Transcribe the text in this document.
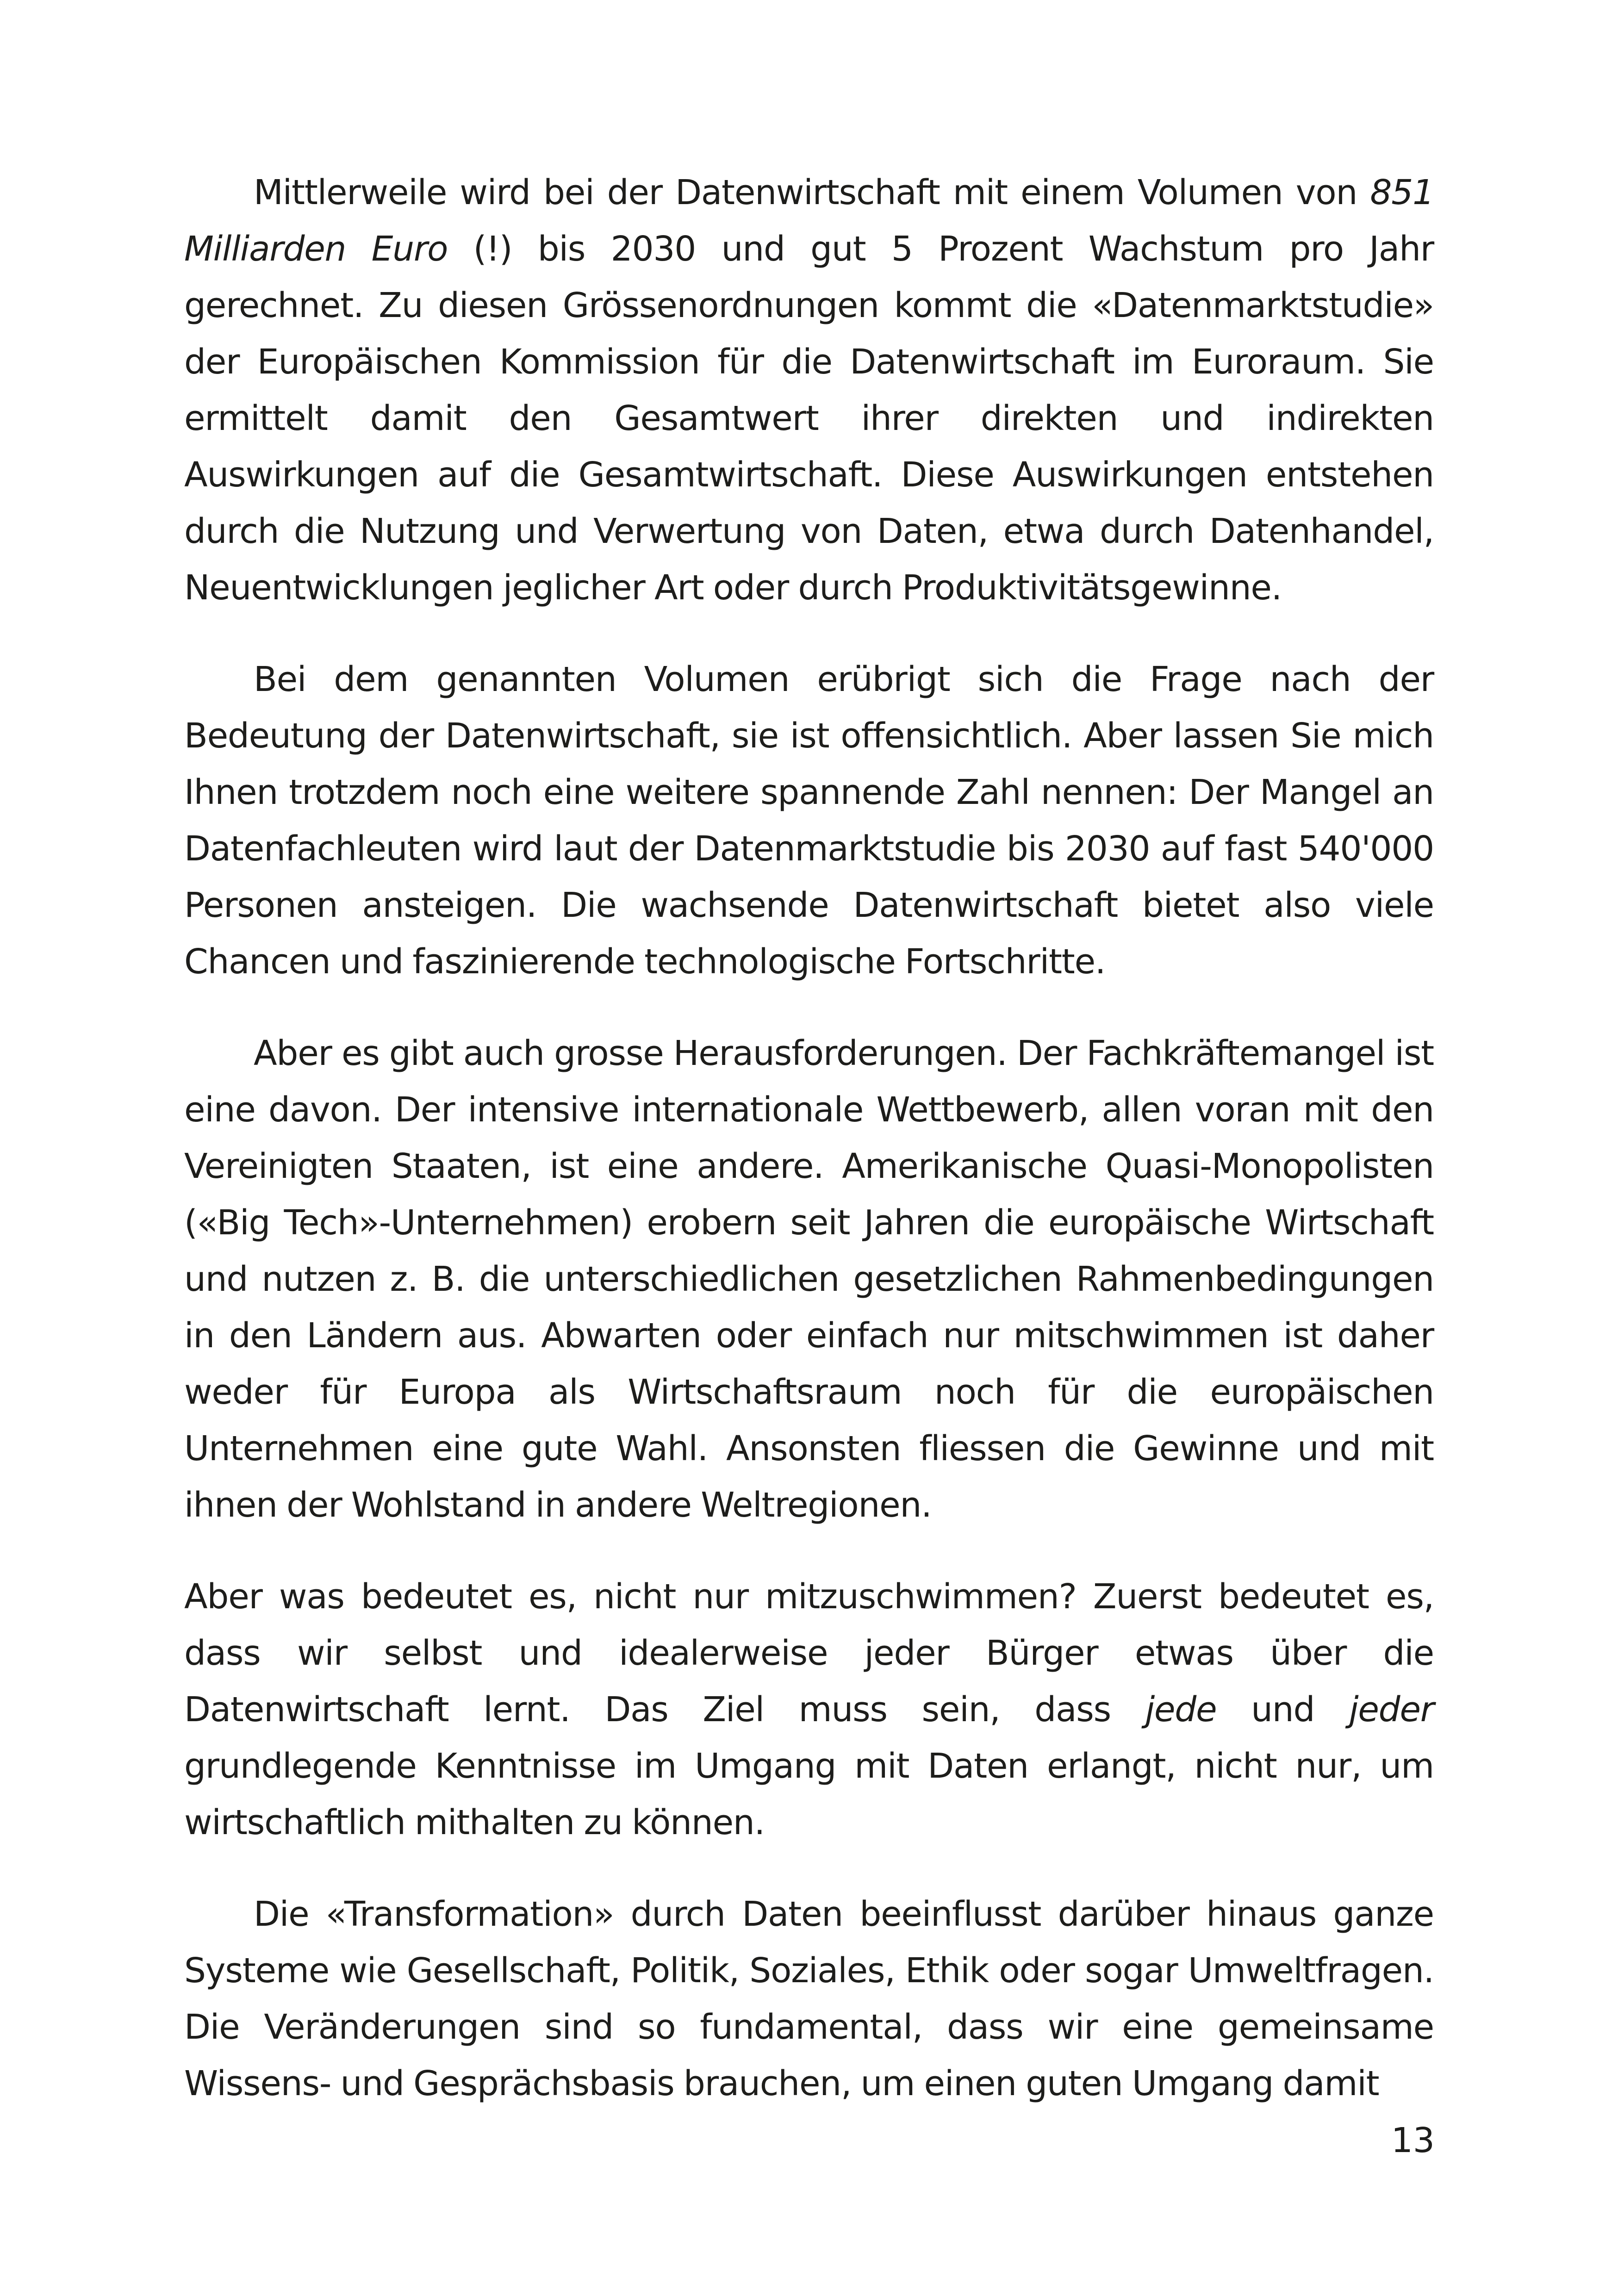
Mittlerweile wird bei der Datenwirtschaft mit einem Volumen von 851 Milliarden Euro (!) bis 2030 und gut 5 Prozent Wachstum pro Jahr gerechnet. Zu diesen Grössenordnungen kommt die «Datenmarktstudie» der Europäischen Kommission für die Datenwirtschaft im Euroraum. Sie ermittelt damit den Gesamtwert ihrer direkten und indirekten Auswirkungen auf die Gesamtwirtschaft. Diese Auswirkungen entstehen durch die Nutzung und Verwertung von Daten, etwa durch Datenhandel, Neuentwicklungen jeglicher Art oder durch Produktivitätsgewinne.

Bei dem genannten Volumen erübrigt sich die Frage nach der Bedeutung der Datenwirtschaft, sie ist offensichtlich. Aber lassen Sie mich Ihnen trotzdem noch eine weitere spannende Zahl nennen: Der Mangel an Datenfachleuten wird laut der Datenmarktstudie bis 2030 auf fast 540'000 Personen ansteigen. Die wachsende Datenwirtschaft bietet also viele Chancen und faszinierende technologische Fortschritte.

Aber es gibt auch grosse Herausforderungen. Der Fachkräftemangel ist eine davon. Der intensive internationale Wettbewerb, allen voran mit den Vereinigten Staaten, ist eine andere. Amerikanische Quasi-Monopolisten («Big Tech»-Unternehmen) erobern seit Jahren die europäische Wirtschaft und nutzen z. B. die unterschiedlichen gesetzlichen Rahmenbedingungen in den Ländern aus. Abwarten oder einfach nur mitschwimmen ist daher weder für Europa als Wirtschaftsraum noch für die europäischen Unternehmen eine gute Wahl. Ansonsten fliessen die Gewinne und mit ihnen der Wohlstand in andere Weltregionen.

Aber was bedeutet es, nicht nur mitzuschwimmen? Zuerst bedeutet es, dass wir selbst und idealerweise jeder Bürger etwas über die Datenwirtschaft lernt. Das Ziel muss sein, dass jede und jeder grundlegende Kenntnisse im Umgang mit Daten erlangt, nicht nur, um wirtschaftlich mithalten zu können.

Die «Transformation» durch Daten beeinflusst darüber hinaus ganze Systeme wie Gesellschaft, Politik, Soziales, Ethik oder sogar Umweltfragen. Die Veränderungen sind so fundamental, dass wir eine gemeinsame Wissens- und Gesprächsbasis brauchen, um einen guten Umgang damit

13
